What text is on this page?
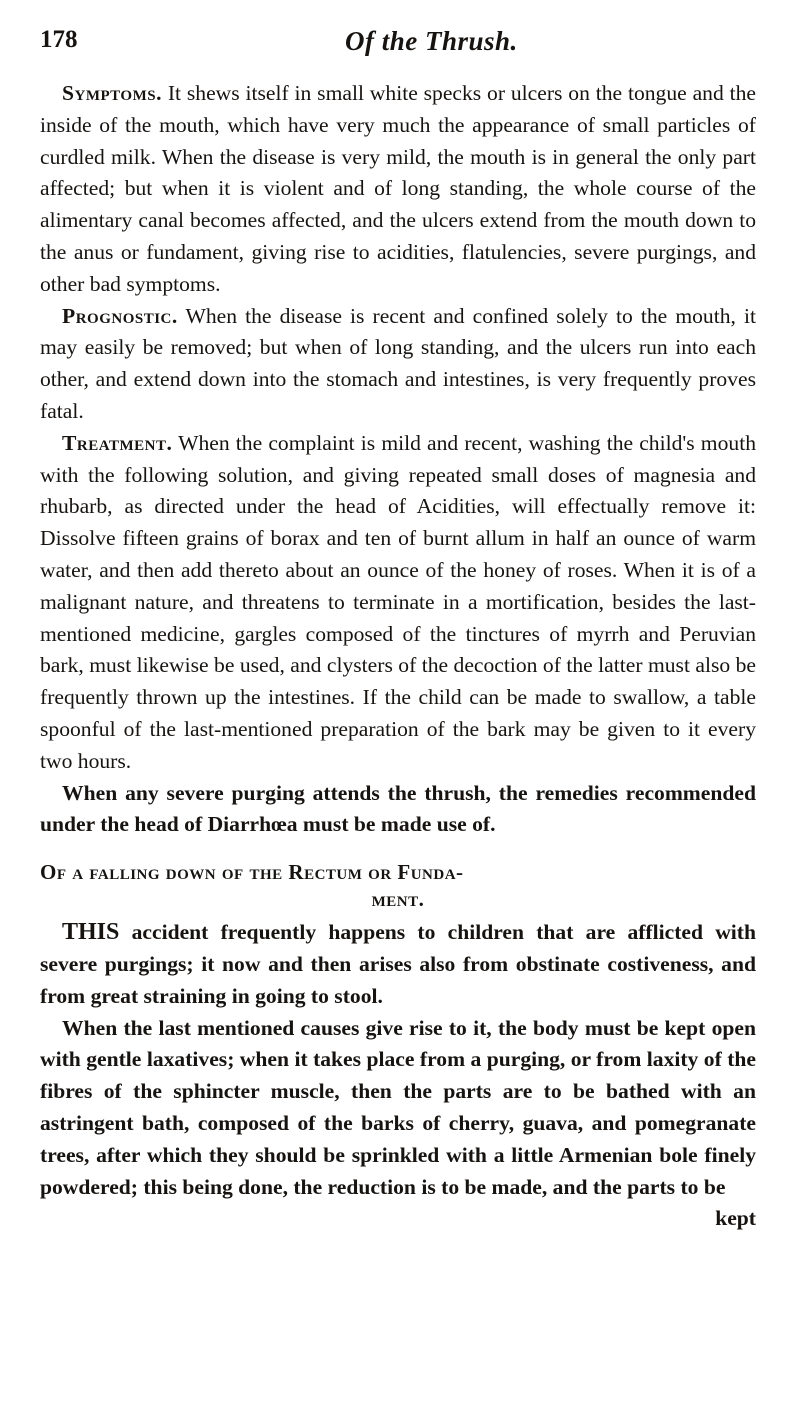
178	Of the Thrush.

Symptoms. It shews itself in small white specks or ulcers on the tongue and the inside of the mouth, which have very much the appearance of small particles of curdled milk. When the disease is very mild, the mouth is in general the only part affected; but when it is violent and of long standing, the whole course of the alimentary canal becomes affected, and the ulcers extend from the mouth down to the anus or fundament, giving rise to acidities, flatulencies, severe purgings, and other bad symptoms.

Prognostic. When the disease is recent and confined solely to the mouth, it may easily be removed; but when of long standing, and the ulcers run into each other, and extend down into the stomach and intestines, is very frequently proves fatal.

Treatment. When the complaint is mild and recent, washing the child's mouth with the following solution, and giving repeated small doses of magnesia and rhubarb, as directed under the head of Acidities, will effectually remove it: Dissolve fifteen grains of borax and ten of burnt allum in half an ounce of warm water, and then add thereto about an ounce of the honey of roses. When it is of a malignant nature, and threatens to terminate in a mortification, besides the last-mentioned medicine, gargles composed of the tinctures of myrrh and Peruvian bark, must likewise be used, and clysters of the decoction of the latter must also be frequently thrown up the intestines. If the child can be made to swallow, a table spoonful of the last-mentioned preparation of the bark may be given to it every two hours.

When any severe purging attends the thrush, the remedies recommended under the head of Diarrhœa must be made use of.

Of a falling down of the Rectum or Funda-
ment.

THIS accident frequently happens to children that are afflicted with severe purgings; it now and then arises also from obstinate costiveness, and from great straining in going to stool.

When the last mentioned causes give rise to it, the body must be kept open with gentle laxatives; when it takes place from a purging, or from laxity of the fibres of the sphincter muscle, then the parts are to be bathed with an astringent bath, composed of the barks of cherry, guava, and pomegranate trees, after which they should be sprinkled with a little Armenian bole finely powdered; this being done, the reduction is to be made, and the parts to be

kept
